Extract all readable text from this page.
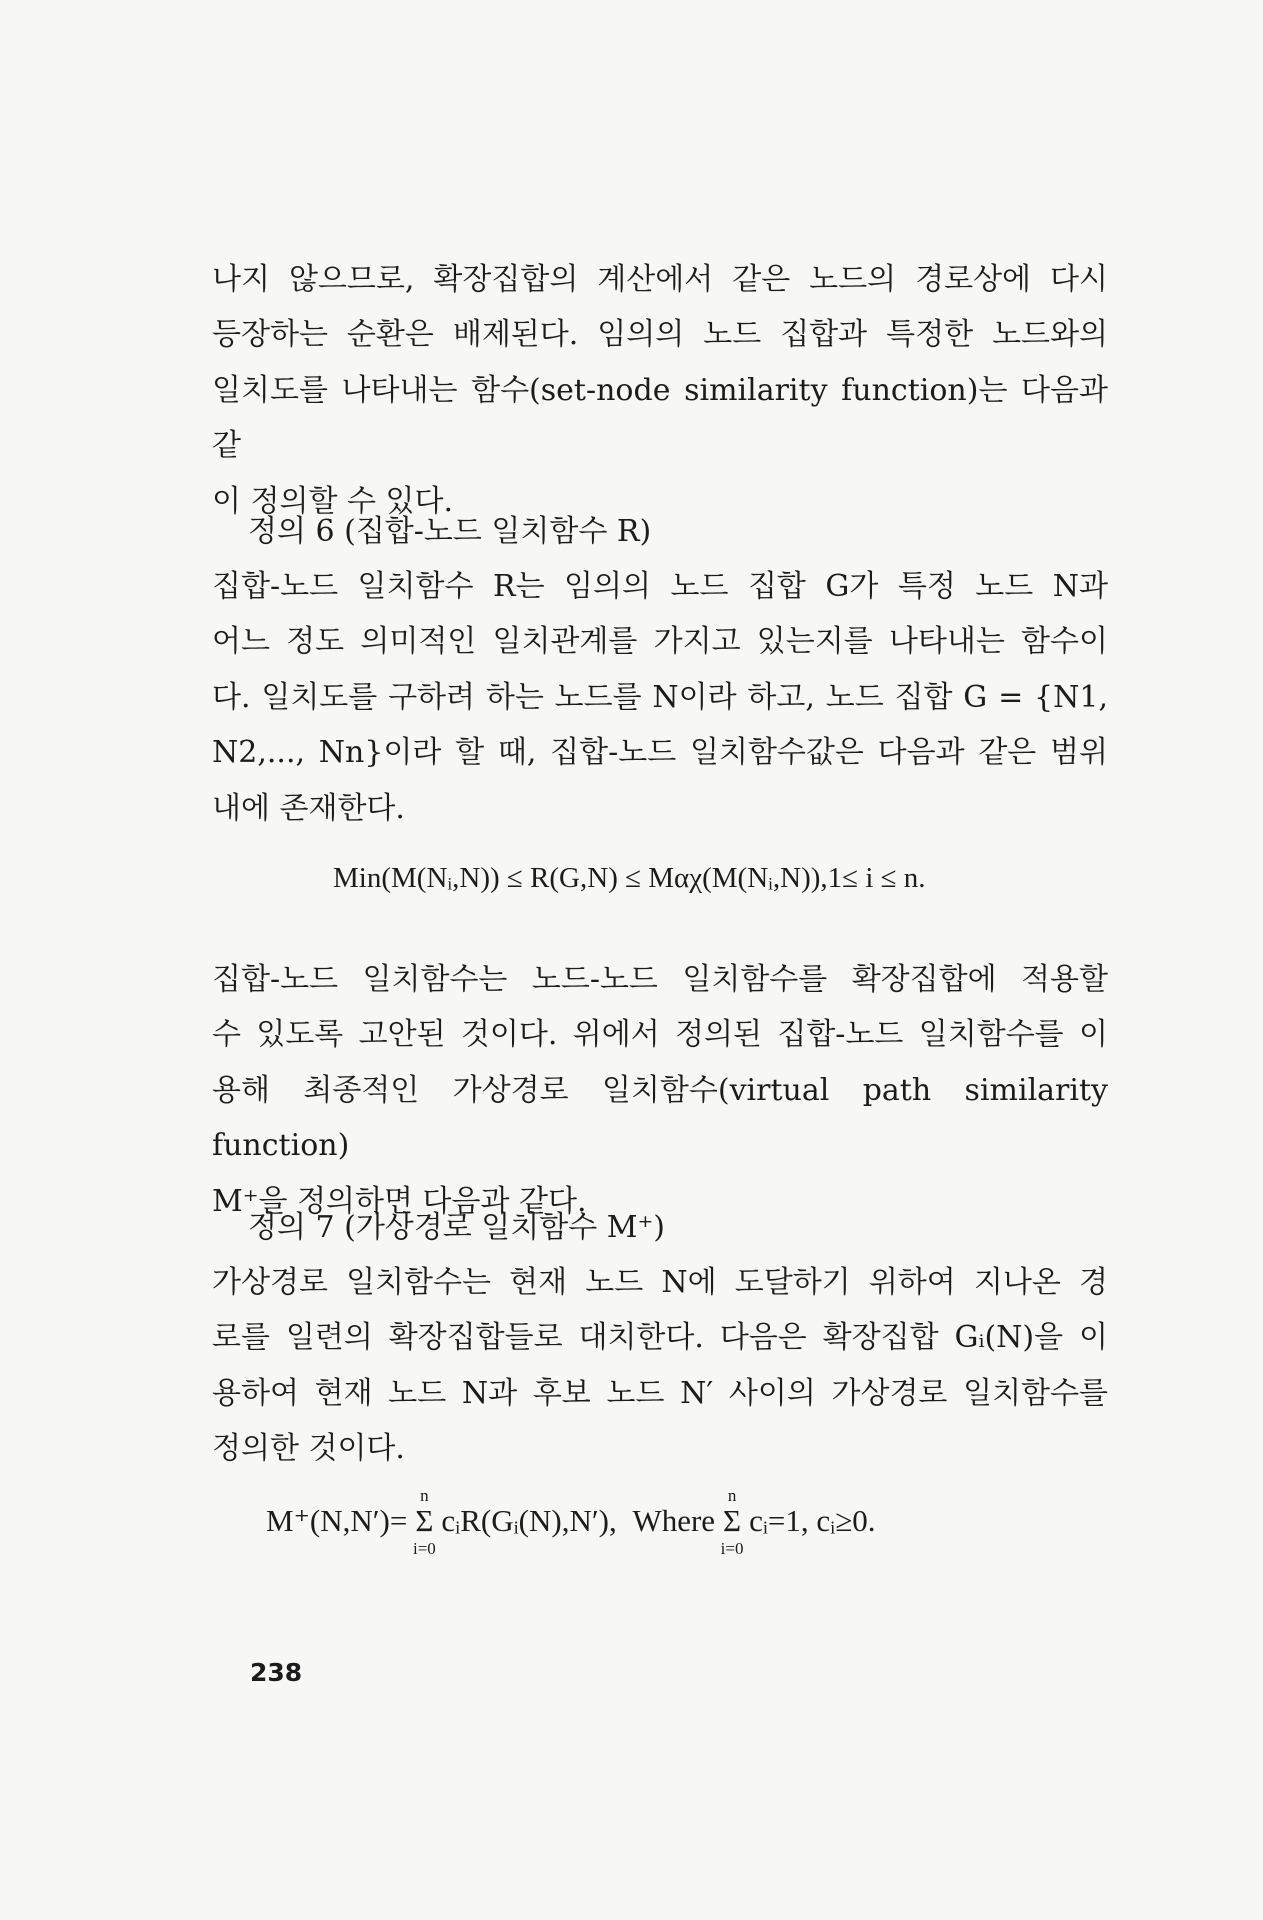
나지 않으므로, 확장집합의 계산에서 같은 노드의 경로상에 다시

등장하는 순환은 배제된다. 임의의 노드 집합과 특정한 노드와의

일치도를 나타내는 함수(set-node similarity function)는 다음과 같

이 정의할 수 있다.

정의 6 (집합-노드 일치함수 R)

집합-노드 일치함수 R는 임의의 노드 집합 G가 특정 노드 N과

어느 정도 의미적인 일치관계를 가지고 있는지를 나타내는 함수이

다. 일치도를 구하려 하는 노드를 N이라 하고, 노드 집합 G = {N1,

N2,..., Nn}이라 할 때, 집합-노드 일치함수값은 다음과 같은 범위

내에 존재한다.

Min(M(Nᵢ,N)) ≤ R(G,N) ≤ Mαχ(M(Nᵢ,N)),1≤ i ≤ n.

집합-노드 일치함수는 노드-노드 일치함수를 확장집합에 적용할

수 있도록 고안된 것이다. 위에서 정의된 집합-노드 일치함수를 이

용해 최종적인 가상경로 일치함수(virtual path similarity function)

M⁺을 정의하면 다음과 같다.

정의 7 (가상경로 일치함수 M⁺)

가상경로 일치함수는 현재 노드 N에 도달하기 위하여 지나온 경

로를 일련의 확장집합들로 대치한다. 다음은 확장집합 Gᵢ(N)을 이

용하여 현재 노드 N과 후보 노드 N′ 사이의 가상경로 일치함수를

정의한 것이다.

M⁺(N,N′)=
n
Σ
i=0
cᵢR(Gᵢ(N),N′), Where
n
Σ
i=0
cᵢ=1, cᵢ≥0.
238
